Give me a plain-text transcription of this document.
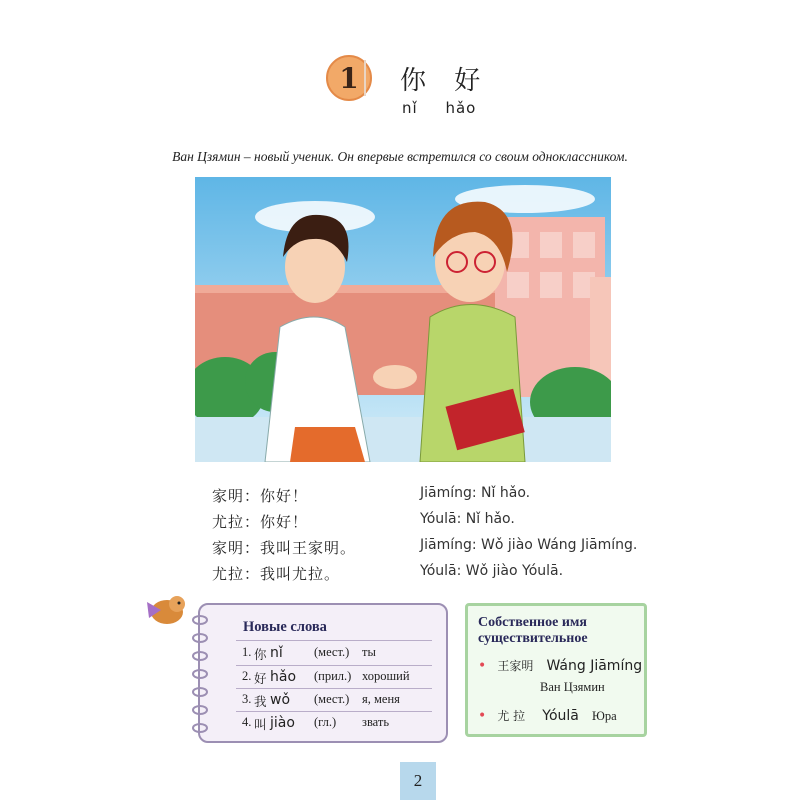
1 你 好
nǐ hǎo
Ван Цзямин – новый ученик. Он впервые встретился со своим одноклассником.
家明：你好！	Jiāmíng: Nǐ hǎo.
尤拉：你好！	Yóulā: Nǐ hǎo.
家明：我叫王家明。	Jiāmíng: Wǒ jiào Wáng Jiāmíng.
尤拉：我叫尤拉。	Yóulā: Wǒ jiào Yóulā.
Новые слова
1. 你 nǐ (мест.) ты
2. 好 hǎo (прил.) хороший
3. 我 wǒ (мест.) я, меня
4. 叫 jiào (гл.) звать
Собственное имя
существительное
• 王家明 Wáng Jiāmíng
Ван Цзямин
• 尤 拉 Yóulā Юра
2
